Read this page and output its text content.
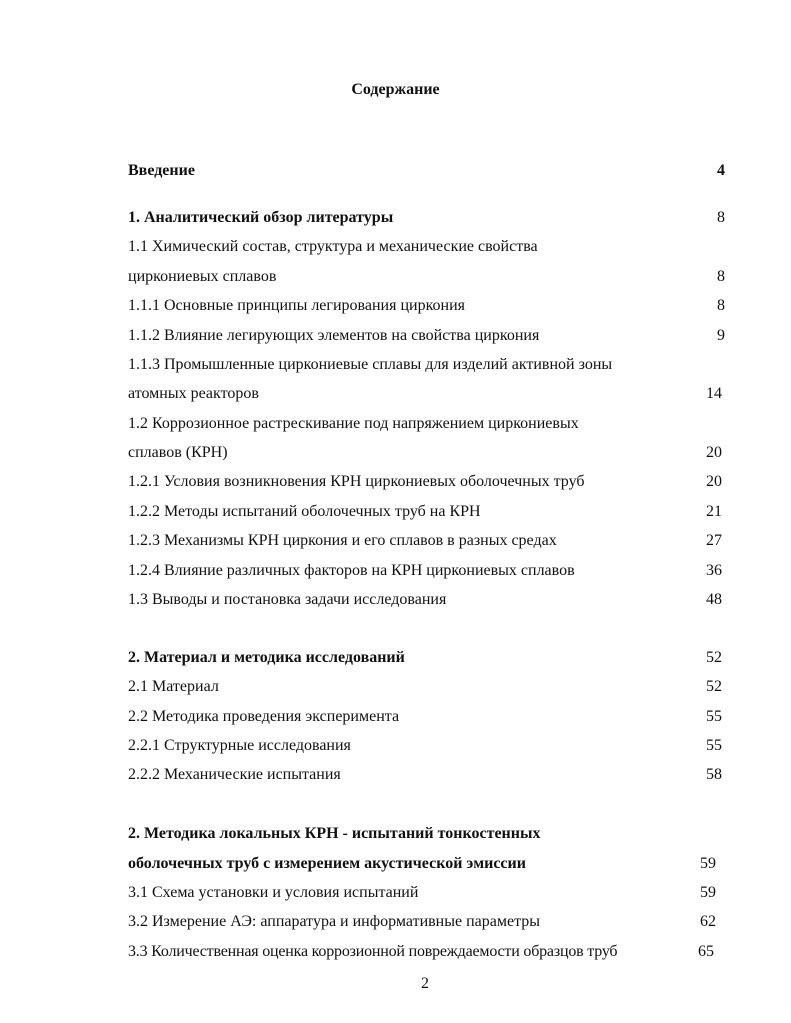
Содержание
Введение	4
1. Аналитический обзор литературы	8
1.1 Химический состав, структура и механические свойства
циркониевых сплавов	8
1.1.1 Основные принципы легирования циркония	8
1.1.2 Влияние легирующих элементов на свойства циркония	9
1.1.3 Промышленные циркониевые сплавы для изделий активной зоны
атомных реакторов	14
1.2 Коррозионное растрескивание под напряжением циркониевых
сплавов (КРН)	20
1.2.1 Условия возникновения КРН циркониевых оболочечных труб	20
1.2.2 Методы испытаний оболочечных труб на КРН	21
1.2.3 Механизмы КРН циркония и его сплавов в разных средах	27
1.2.4 Влияние различных факторов на КРН циркониевых сплавов	36
1.3 Выводы и постановка задачи исследования	48
2. Материал и методика исследований	52
2.1 Материал	52
2.2 Методика проведения эксперимента	55
2.2.1 Структурные исследования	55
2.2.2 Механические испытания	58
2. Методика локальных КРН - испытаний тонкостенных
оболочечных труб с измерением акустической эмиссии	59
3.1 Схема установки и условия испытаний	59
3.2 Измерение АЭ: аппаратура и информативные параметры	62
3.3 Количественная оценка коррозионной повреждаемости образцов труб	65
2
